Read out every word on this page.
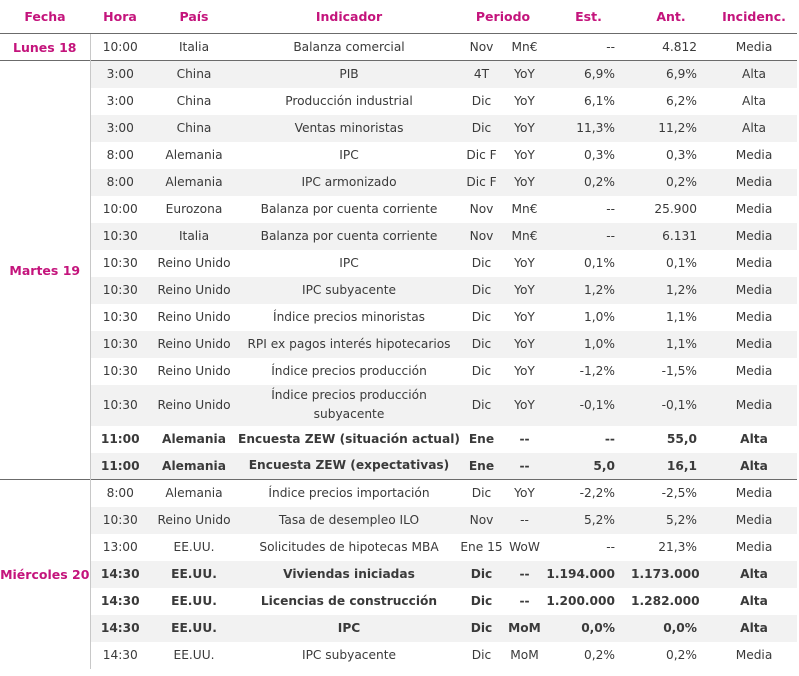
Fecha	Hora	País	Indicador	Periodo		Est.	Ant.	Incidenc.
Lunes 18	10:00	Italia	Balanza comercial	Nov	Mn€	--	4.812	Media
Martes 19	3:00	China	PIB	4T	YoY	6,9%	6,9%	Alta
	3:00	China	Producción industrial	Dic	YoY	6,1%	6,2%	Alta
	3:00	China	Ventas minoristas	Dic	YoY	11,3%	11,2%	Alta
	8:00	Alemania	IPC	Dic F	YoY	0,3%	0,3%	Media
	8:00	Alemania	IPC armonizado	Dic F	YoY	0,2%	0,2%	Media
	10:00	Eurozona	Balanza por cuenta corriente	Nov	Mn€	--	25.900	Media
	10:30	Italia	Balanza por cuenta corriente	Nov	Mn€	--	6.131	Media
	10:30	Reino Unido	IPC	Dic	YoY	0,1%	0,1%	Media
	10:30	Reino Unido	IPC subyacente	Dic	YoY	1,2%	1,2%	Media
	10:30	Reino Unido	Índice precios minoristas	Dic	YoY	1,0%	1,1%	Media
	10:30	Reino Unido	RPI ex pagos interés hipotecarios	Dic	YoY	1,0%	1,1%	Media
	10:30	Reino Unido	Índice precios producción	Dic	YoY	-1,2%	-1,5%	Media
	10:30	Reino Unido	Índice precios producción subyacente	Dic	YoY	-0,1%	-0,1%	Media
	11:00	Alemania	Encuesta ZEW (situación actual)	Ene	--	--	55,0	Alta
	11:00	Alemania	Encuesta ZEW (expectativas)	Ene	--	5,0	16,1	Alta
Miércoles 20	8:00	Alemania	Índice precios importación	Dic	YoY	-2,2%	-2,5%	Media
	10:30	Reino Unido	Tasa de desempleo ILO	Nov	--	5,2%	5,2%	Media
	13:00	EE.UU.	Solicitudes de hipotecas MBA	Ene 15	WoW	--	21,3%	Media
	14:30	EE.UU.	Viviendas iniciadas	Dic	--	1.194.000	1.173.000	Alta
	14:30	EE.UU.	Licencias de construcción	Dic	--	1.200.000	1.282.000	Alta
	14:30	EE.UU.	IPC	Dic	MoM	0,0%	0,0%	Alta
	14:30	EE.UU.	IPC subyacente	Dic	MoM	0,2%	0,2%	Media
